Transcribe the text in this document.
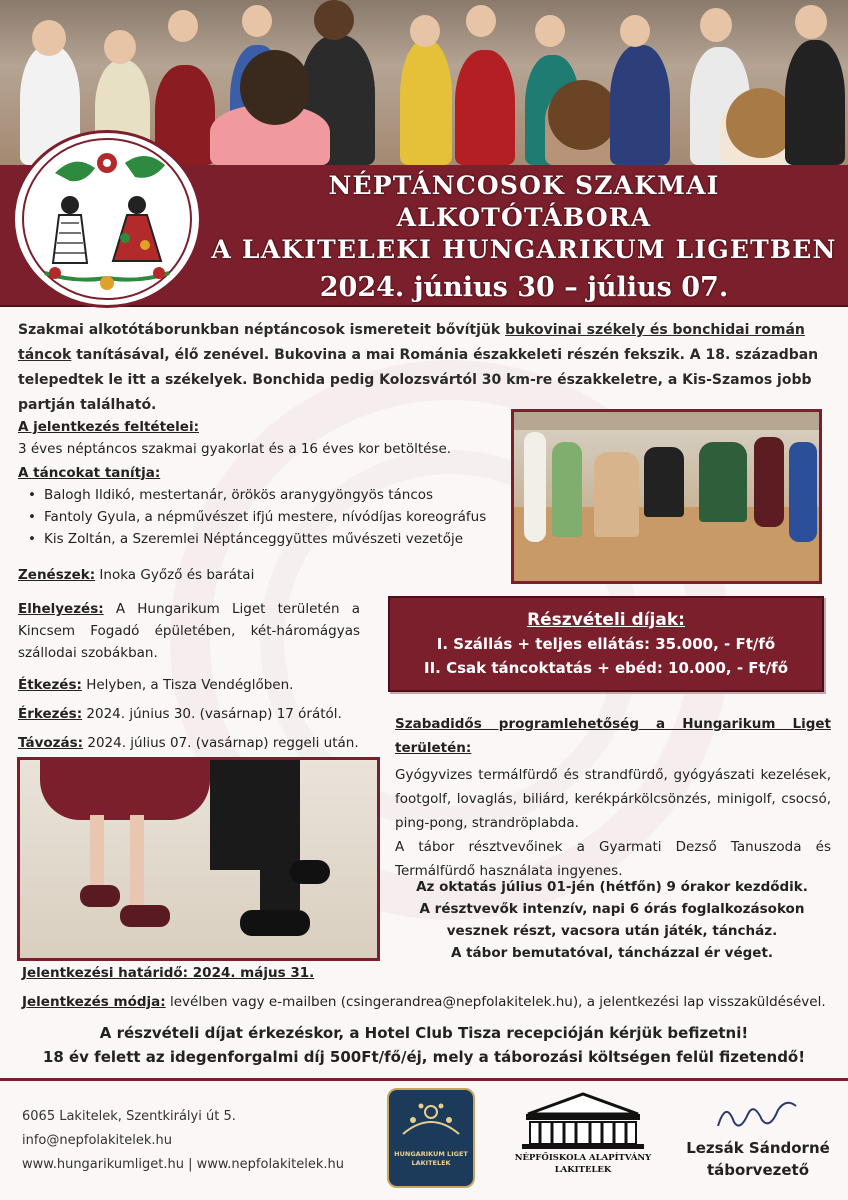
NÉPTÁNCOSOK SZAKMAI ALKOTÓTÁBORA
A LAKITELEKI HUNGARIKUM LIGETBEN
2024. június 30 – július 07.
Szakmai alkotótáborunkban néptáncosok ismereteit bővítjük bukovinai székely és bonchidai román táncok tanításával, élő zenével. Bukovina a mai Románia északkeleti részén fekszik. A 18. században telepedtek le itt a székelyek. Bonchida pedig Kolozsvártól 30 km-re északkeletre, a Kis-Szamos jobb partján található.
A jelentkezés feltételei:
3 éves néptáncos szakmai gyakorlat és a 16 éves kor betöltése.
A táncokat tanítja:
• Balogh Ildikó, mestertanár, örökös aranygyöngyös táncos
• Fantoly Gyula, a népművészet ifjú mestere, nívódíjas koreográfus
• Kis Zoltán, a Szeremlei Néptánceggyüttes művészeti vezetője
Zenészek: Inoka Győző és barátai
Elhelyezés: A Hungarikum Liget területén a Kincsem Fogadó épületében, két-háromágyas szállodai szobákban.
Étkezés: Helyben, a Tisza Vendéglőben.
Érkezés: 2024. június 30. (vasárnap) 17 órától.
Távozás: 2024. július 07. (vasárnap) reggeli után.
Részvételi díjak:
I. Szállás + teljes ellátás: 35.000, - Ft/fő
II. Csak táncoktatás + ebéd: 10.000, - Ft/fő
Szabadidős programlehetőség a Hungarikum Liget területén:
Gyógyvizes termálfürdő és strandfürdő, gyógyászati kezelések, footgolf, lovaglás, biliárd, kerékpárkölcsönzés, minigolf, csocsó, ping-pong, strandröplabda.
A tábor résztvevőinek a Gyarmati Dezső Tanuszoda és Termálfürdő használata ingyenes.
Az oktatás július 01-jén (hétfőn) 9 órakor kezdődik.
A résztvevők intenzív, napi 6 órás foglalkozásokon
vesznek részt, vacsora után játék, táncház.
A tábor bemutatóval, táncházzal ér véget.
Jelentkezési határidő: 2024. május 31.
Jelentkezés módja: levélben vagy e-mailben (csingerandrea@nepfolakitelek.hu), a jelentkezési lap visszaküldésével.
A részvételi díjat érkezéskor, a Hotel Club Tisza recepcióján kérjük befizetni!
18 év felett az idegenforgalmi díj 500Ft/fő/éj, mely a táborozási költségen felül fizetendő!
6065 Lakitelek, Szentkirályi út 5.
info@nepfolakitelek.hu
www.hungarikumliget.hu | www.nepfolakitelek.hu
HUNGARIKUM LIGET
LAKITELEK	NÉPFŐISKOLA ALAPÍTVÁNY
LAKITELEK
Lezsák Sándorné
táborvezető
